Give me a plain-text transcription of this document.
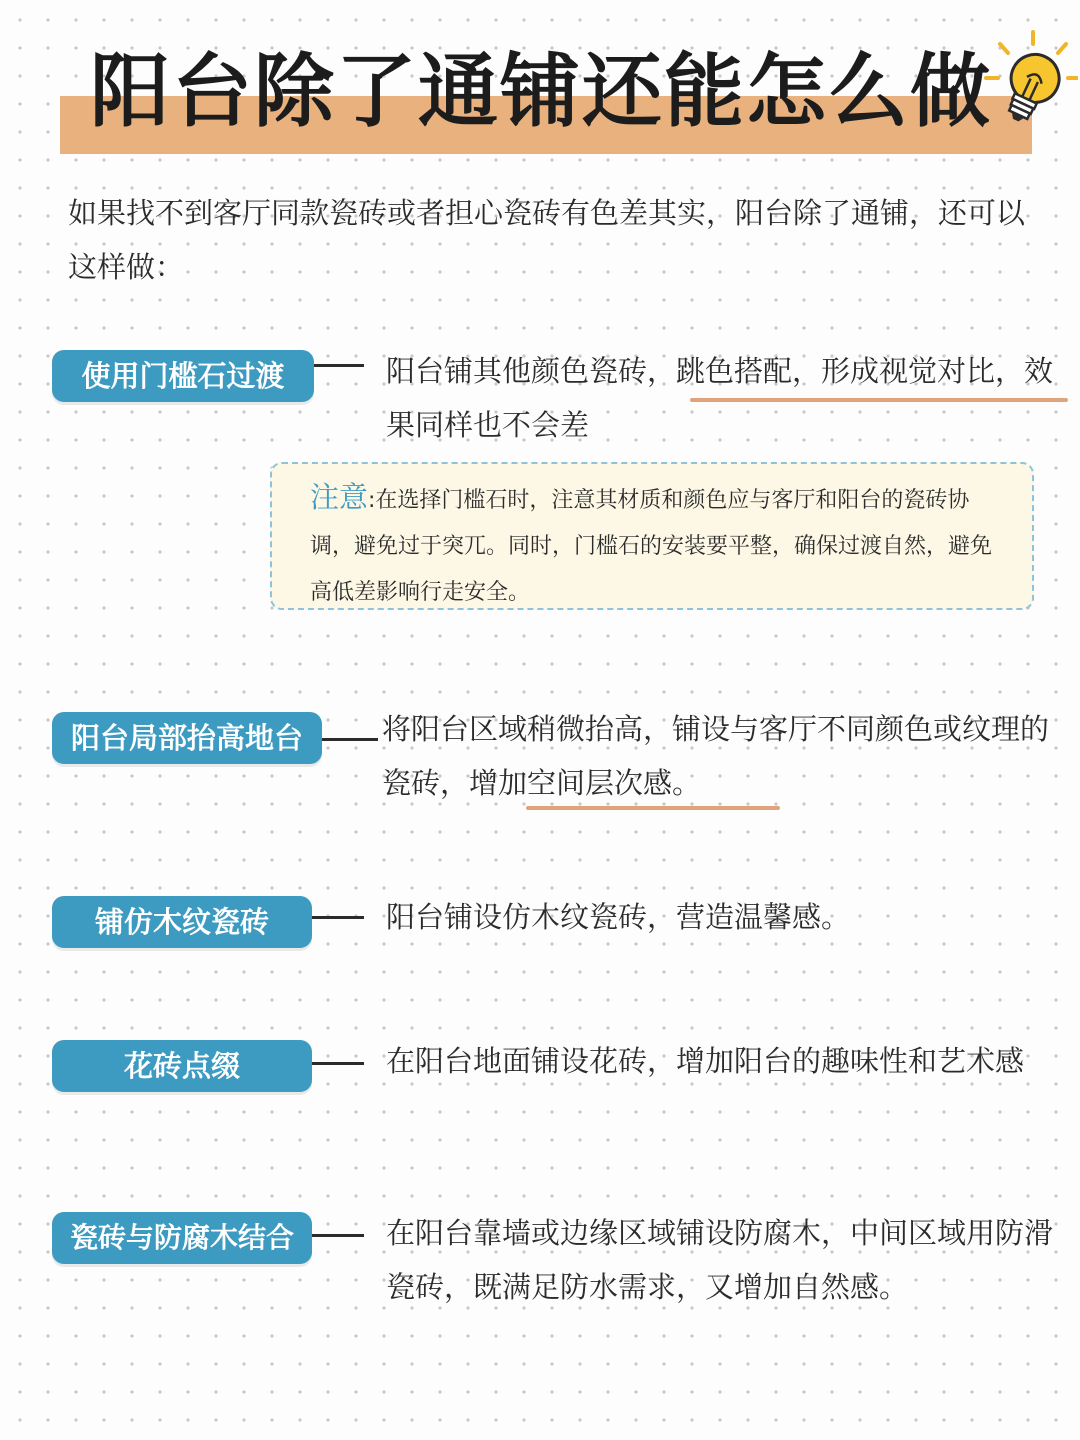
阳台除了通铺还能怎么做
如果找不到客厅同款瓷砖或者担心瓷砖有色差其实，阳台除了通铺，还可以这样做：
使用门槛石过渡	阳台铺其他颜色瓷砖，跳色搭配，形成视觉对比，效果同样也不会差
注意:在选择门槛石时，注意其材质和颜色应与客厅和阳台的瓷砖协调，避免过于突兀。同时，门槛石的安装要平整，确保过渡自然，避免高低差影响行走安全。
阳台局部抬高地台	将阳台区域稍微抬高，铺设与客厅不同颜色或纹理的瓷砖，增加空间层次感。
铺仿木纹瓷砖	阳台铺设仿木纹瓷砖，营造温馨感。
花砖点缀	在阳台地面铺设花砖，增加阳台的趣味性和艺术感
瓷砖与防腐木结合	在阳台靠墙或边缘区域铺设防腐木，中间区域用防滑瓷砖，既满足防水需求，又增加自然感。
